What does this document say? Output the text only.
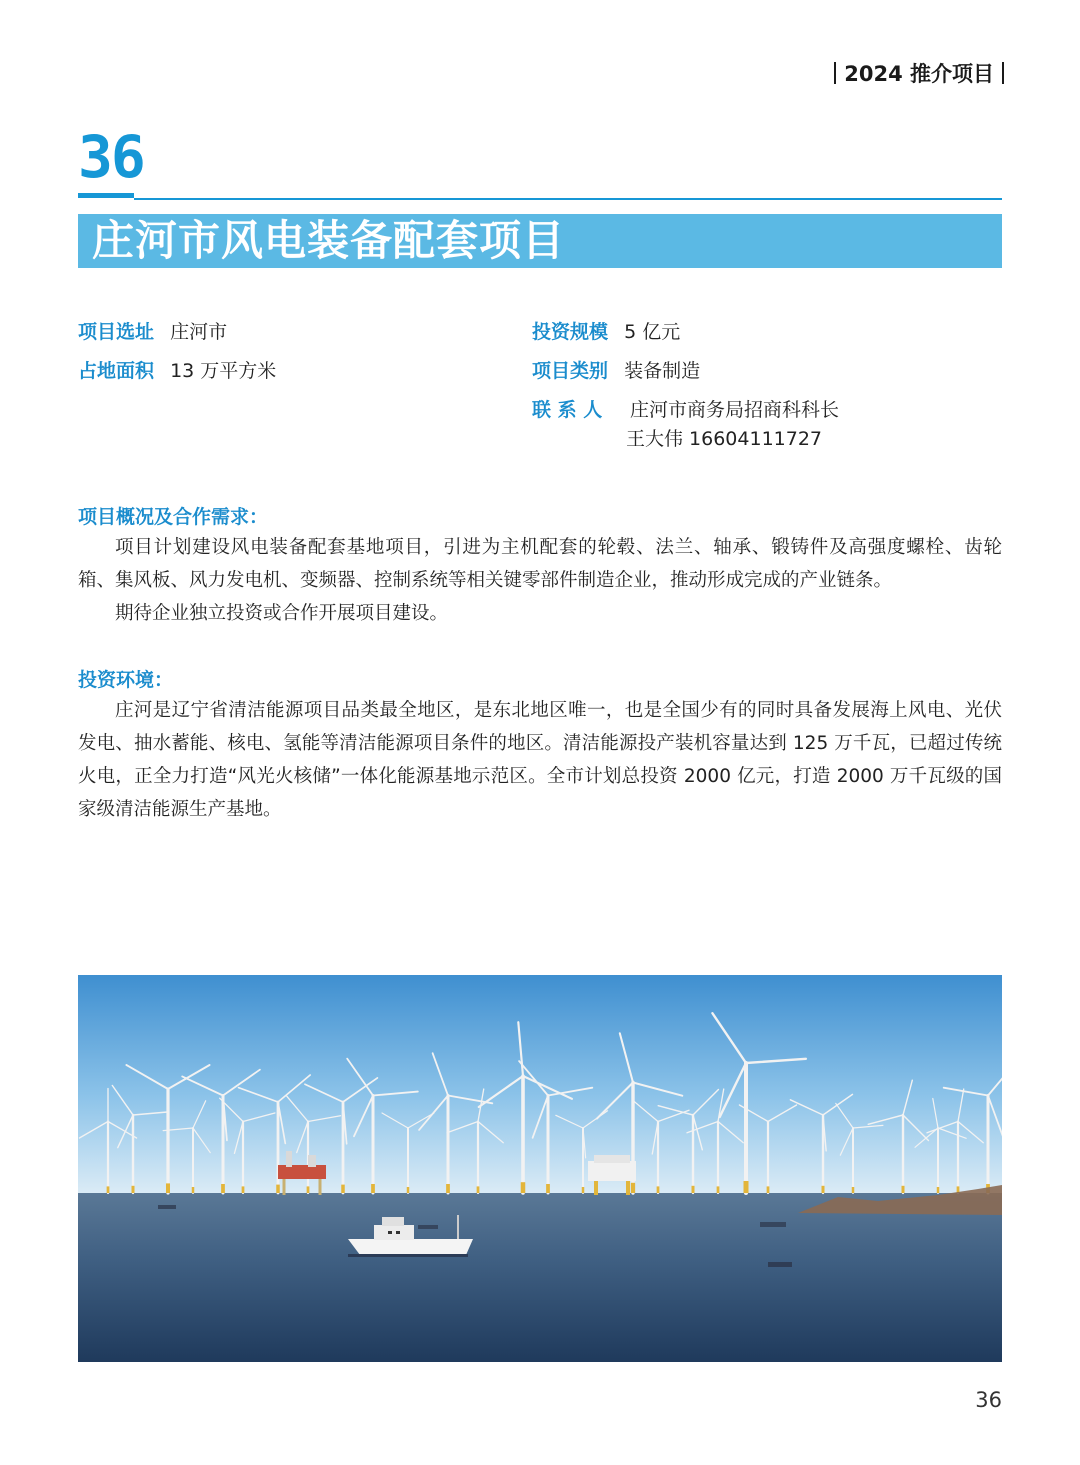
2024 推介项目
36
庄河市风电装备配套项目
项目选址 庄河市
占地面积 13 万平方米
投资规模 5 亿元
项目类别 装备制造
联 系 人 庄河市商务局招商科科长
王大伟 16604111727
项目概况及合作需求：

项目计划建设风电装备配套基地项目，引进为主机配套的轮毂、法兰、轴承、锻铸件及高强度螺栓、齿轮箱、集风板、风力发电机、变频器、控制系统等相关键零部件制造企业，推动形成完成的产业链条。

期待企业独立投资或合作开展项目建设。

投资环境：

庄河是辽宁省清洁能源项目品类最全地区，是东北地区唯一，也是全国少有的同时具备发展海上风电、光伏发电、抽水蓄能、核电、氢能等清洁能源项目条件的地区。清洁能源投产装机容量达到 125 万千瓦，已超过传统火电，正全力打造“风光火核储”一体化能源基地示范区。全市计划总投资 2000 亿元，打造 2000 万千瓦级的国家级清洁能源生产基地。

36
